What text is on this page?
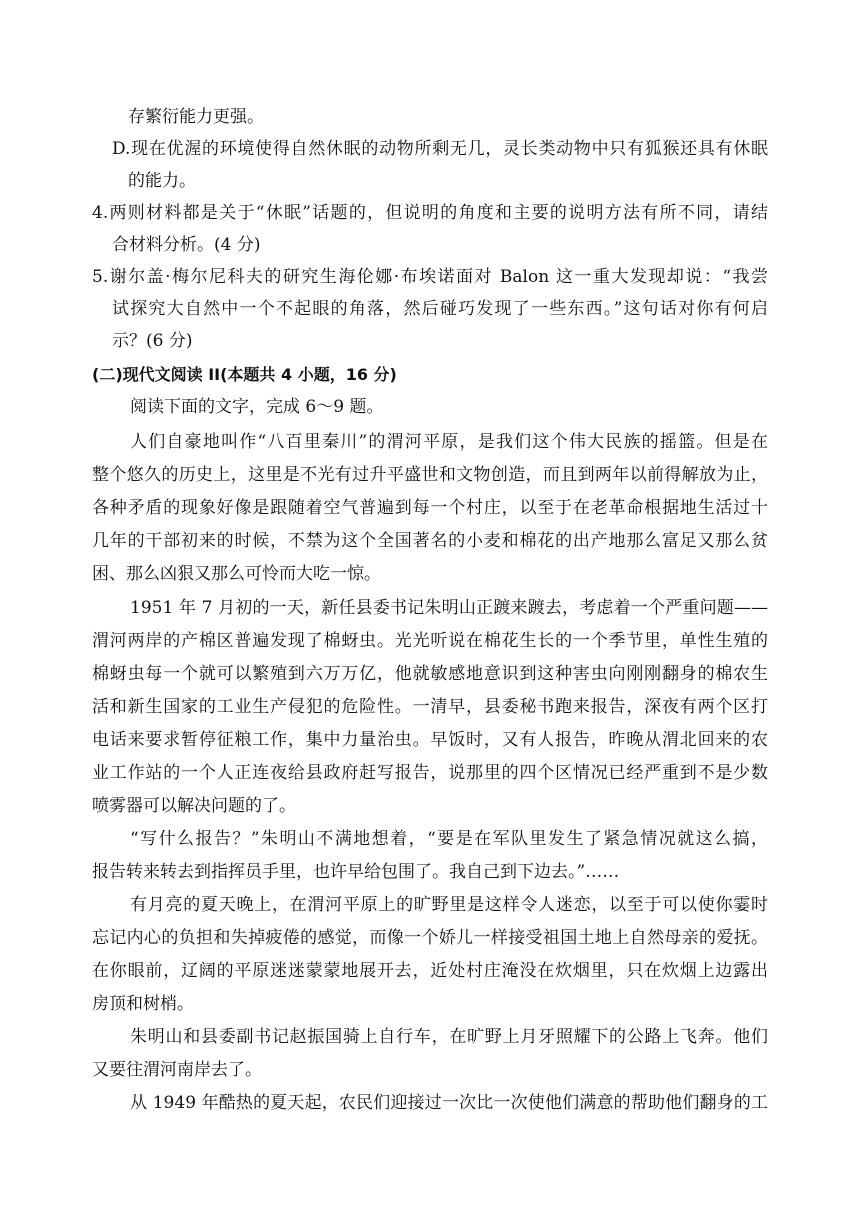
存繁衍能力更强。
D.现在优渥的环境使得自然休眠的动物所剩无几，灵长类动物中只有狐猴还具有休眠
的能力。
4.两则材料都是关于“休眠”话题的，但说明的角度和主要的说明方法有所不同，请结
合材料分析。(4 分)
5.谢尔盖·梅尔尼科夫的研究生海伦娜·布埃诺面对 Balon 这一重大发现却说：“我尝
试探究大自然中一个不起眼的角落，然后碰巧发现了一些东西。”这句话对你有何启
示？(6 分)
(二)现代文阅读 II(本题共 4 小题，16 分)
阅读下面的文字，完成 6～9 题。
人们自豪地叫作“八百里秦川”的渭河平原，是我们这个伟大民族的摇篮。但是在
整个悠久的历史上，这里是不光有过升平盛世和文物创造，而且到两年以前得解放为止，
各种矛盾的现象好像是跟随着空气普遍到每一个村庄，以至于在老革命根据地生活过十
几年的干部初来的时候，不禁为这个全国著名的小麦和棉花的出产地那么富足又那么贫
困、那么凶狠又那么可怜而大吃一惊。
1951 年 7 月初的一天，新任县委书记朱明山正踱来踱去，考虑着一个严重问题——
渭河两岸的产棉区普遍发现了棉蚜虫。光光听说在棉花生长的一个季节里，单性生殖的
棉蚜虫每一个就可以繁殖到六万万亿，他就敏感地意识到这种害虫向刚刚翻身的棉农生
活和新生国家的工业生产侵犯的危险性。一清早，县委秘书跑来报告，深夜有两个区打
电话来要求暂停征粮工作，集中力量治虫。早饭时，又有人报告，昨晚从渭北回来的农
业工作站的一个人正连夜给县政府赶写报告，说那里的四个区情况已经严重到不是少数
喷雾器可以解决问题的了。
“写什么报告？”朱明山不满地想着，“要是在军队里发生了紧急情况就这么搞，
报告转来转去到指挥员手里，也许早给包围了。我自己到下边去。”……
有月亮的夏天晚上，在渭河平原上的旷野里是这样令人迷恋，以至于可以使你霎时
忘记内心的负担和失掉疲倦的感觉，而像一个娇儿一样接受祖国土地上自然母亲的爱抚。
在你眼前，辽阔的平原迷迷蒙蒙地展开去，近处村庄淹没在炊烟里，只在炊烟上边露出
房顶和树梢。
朱明山和县委副书记赵振国骑上自行车，在旷野上月牙照耀下的公路上飞奔。他们
又要往渭河南岸去了。
从 1949 年酷热的夏天起，农民们迎接过一次比一次使他们满意的帮助他们翻身的工
